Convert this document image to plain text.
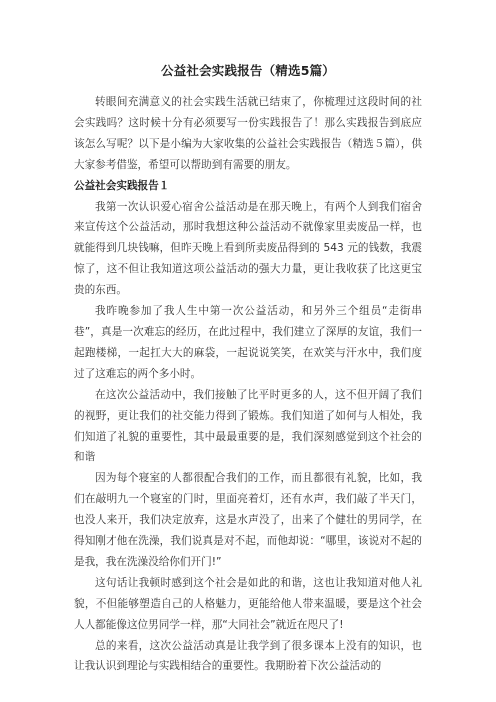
公益社会实践报告（精选5篇）

转眼间充满意义的社会实践生活就已结束了，你梳理过这段时间的社会实践吗？这时候十分有必须要写一份实践报告了！那么实践报告到底应该怎么写呢？以下是小编为大家收集的公益社会实践报告（精选５篇），供大家参考借鉴，希望可以帮助到有需要的朋友。

公益社会实践报告１

我第一次认识爱心宿舍公益活动是在那天晚上，有两个人到我们宿舍来宣传这个公益活动，那时我想这种公益活动不就像家里卖废品一样，也就能得到几块钱嘛，但昨天晚上看到所卖废品得到的 543 元的钱数，我震惊了，这不但让我知道这项公益活动的强大力量，更让我收获了比这更宝贵的东西。

我昨晚参加了我人生中第一次公益活动，和另外三个组员“走街串巷”，真是一次难忘的经历，在此过程中，我们建立了深厚的友谊，我们一起跑楼梯，一起扛大大的麻袋，一起说说笑笑，在欢笑与汗水中，我们度过了这难忘的两个多小时。

在这次公益活动中，我们接触了比平时更多的人，这不但开阔了我们的视野，更让我们的社交能力得到了锻炼。我们知道了如何与人相处，我们知道了礼貌的重要性，其中最最重要的是，我们深刻感觉到这个社会的和谐

因为每个寝室的人都很配合我们的工作，而且都很有礼貌，比如，我们在敲明九一个寝室的门时，里面亮着灯，还有水声，我们敲了半天门，也没人来开，我们决定放弃，这是水声没了，出来了个健壮的男同学，在得知刚才他在洗澡，我们说真是对不起，而他却说：“哪里，该说对不起的是我，我在洗澡没给你们开门!”

这句话让我顿时感到这个社会是如此的和谐，这也让我知道对他人礼貌，不但能够塑造自己的人格魅力，更能给他人带来温暖，要是这个社会人人都能像这位男同学一样，那“大同社会”就近在咫尺了!

总的来看，这次公益活动真是让我学到了很多课本上没有的知识，也让我认识到理论与实践相结合的重要性。我期盼着下次公益活动的
